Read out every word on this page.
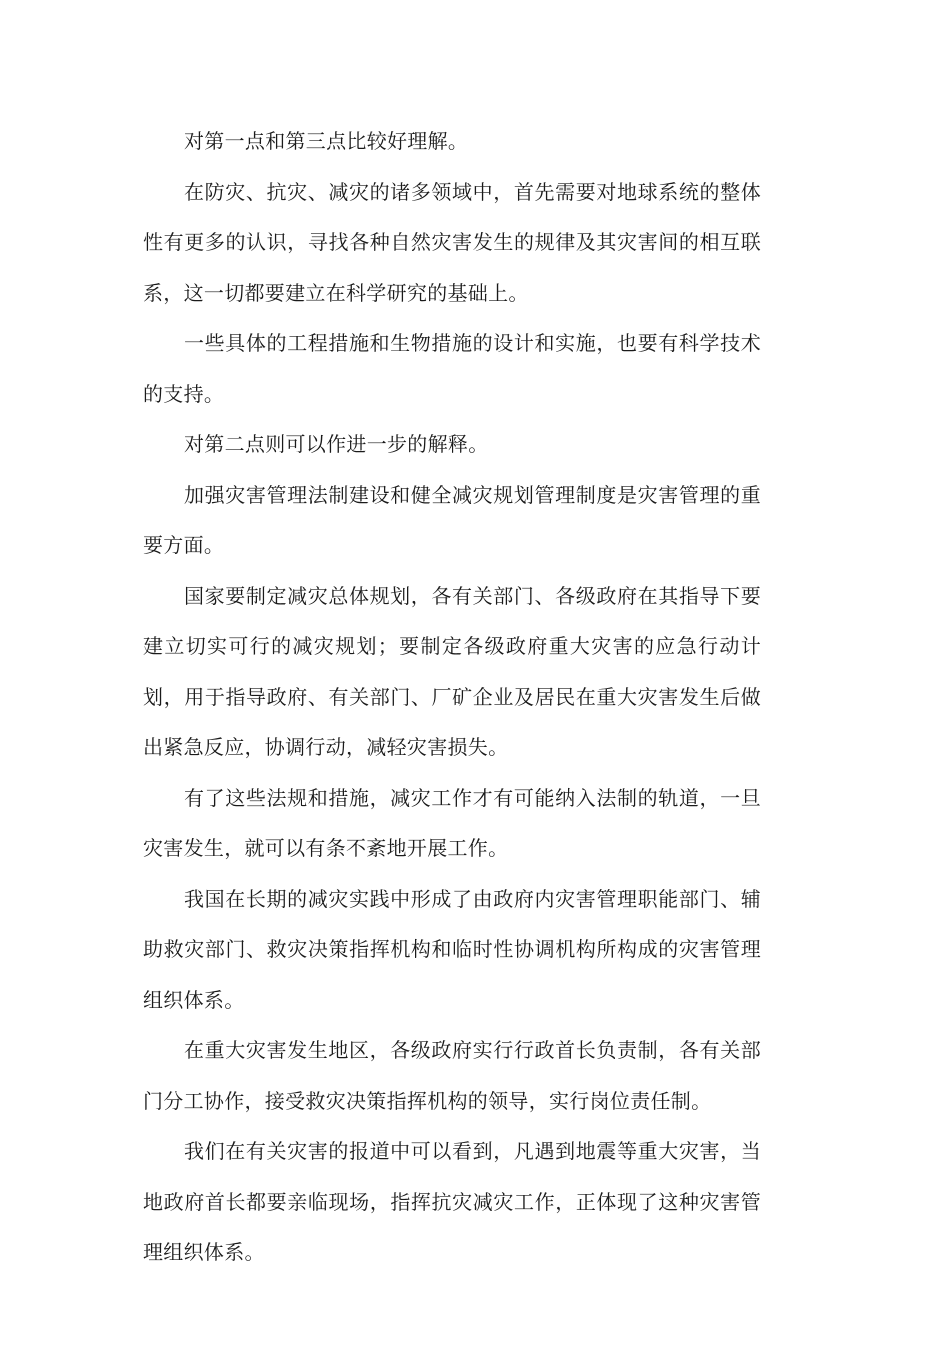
对第一点和第三点比较好理解。

在防灾、抗灾、减灾的诸多领域中，首先需要对地球系统的整体性有更多的认识，寻找各种自然灾害发生的规律及其灾害间的相互联系，这一切都要建立在科学研究的基础上。

一些具体的工程措施和生物措施的设计和实施，也要有科学技术的支持。

对第二点则可以作进一步的解释。

加强灾害管理法制建设和健全减灾规划管理制度是灾害管理的重要方面。

国家要制定减灾总体规划，各有关部门、各级政府在其指导下要建立切实可行的减灾规划；要制定各级政府重大灾害的应急行动计划，用于指导政府、有关部门、厂矿企业及居民在重大灾害发生后做出紧急反应，协调行动，减轻灾害损失。

有了这些法规和措施，减灾工作才有可能纳入法制的轨道，一旦灾害发生，就可以有条不紊地开展工作。

我国在长期的减灾实践中形成了由政府内灾害管理职能部门、辅助救灾部门、救灾决策指挥机构和临时性协调机构所构成的灾害管理组织体系。

在重大灾害发生地区，各级政府实行行政首长负责制，各有关部门分工协作，接受救灾决策指挥机构的领导，实行岗位责任制。

我们在有关灾害的报道中可以看到，凡遇到地震等重大灾害，当地政府首长都要亲临现场，指挥抗灾减灾工作，正体现了这种灾害管理组织体系。
